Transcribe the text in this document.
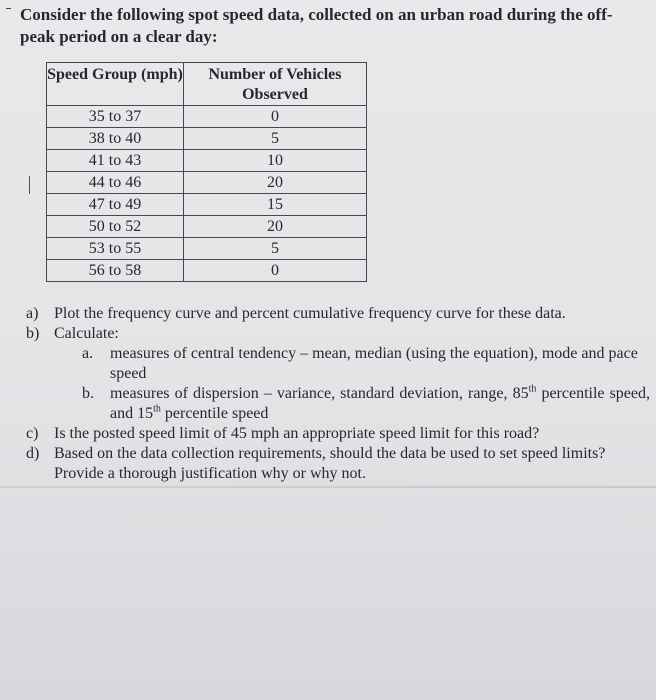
Consider the following spot speed data, collected on an urban road during the off-
peak period on a clear day:
Speed Group (mph)	Number of Vehicles Observed
35 to 37	0
38 to 40	5
41 to 43	10
44 to 46	20
47 to 49	15
50 to 52	20
53 to 55	5
56 to 58	0
a) Plot the frequency curve and percent cumulative frequency curve for these data.
b) Calculate:
a. measures of central tendency – mean, median (using the equation), mode and pace speed
b. measures of dispersion – variance, standard deviation, range, 85th percentile speed, and 15th percentile speed
c) Is the posted speed limit of 45 mph an appropriate speed limit for this road?
d) Based on the data collection requirements, should the data be used to set speed limits? Provide a thorough justification why or why not.
